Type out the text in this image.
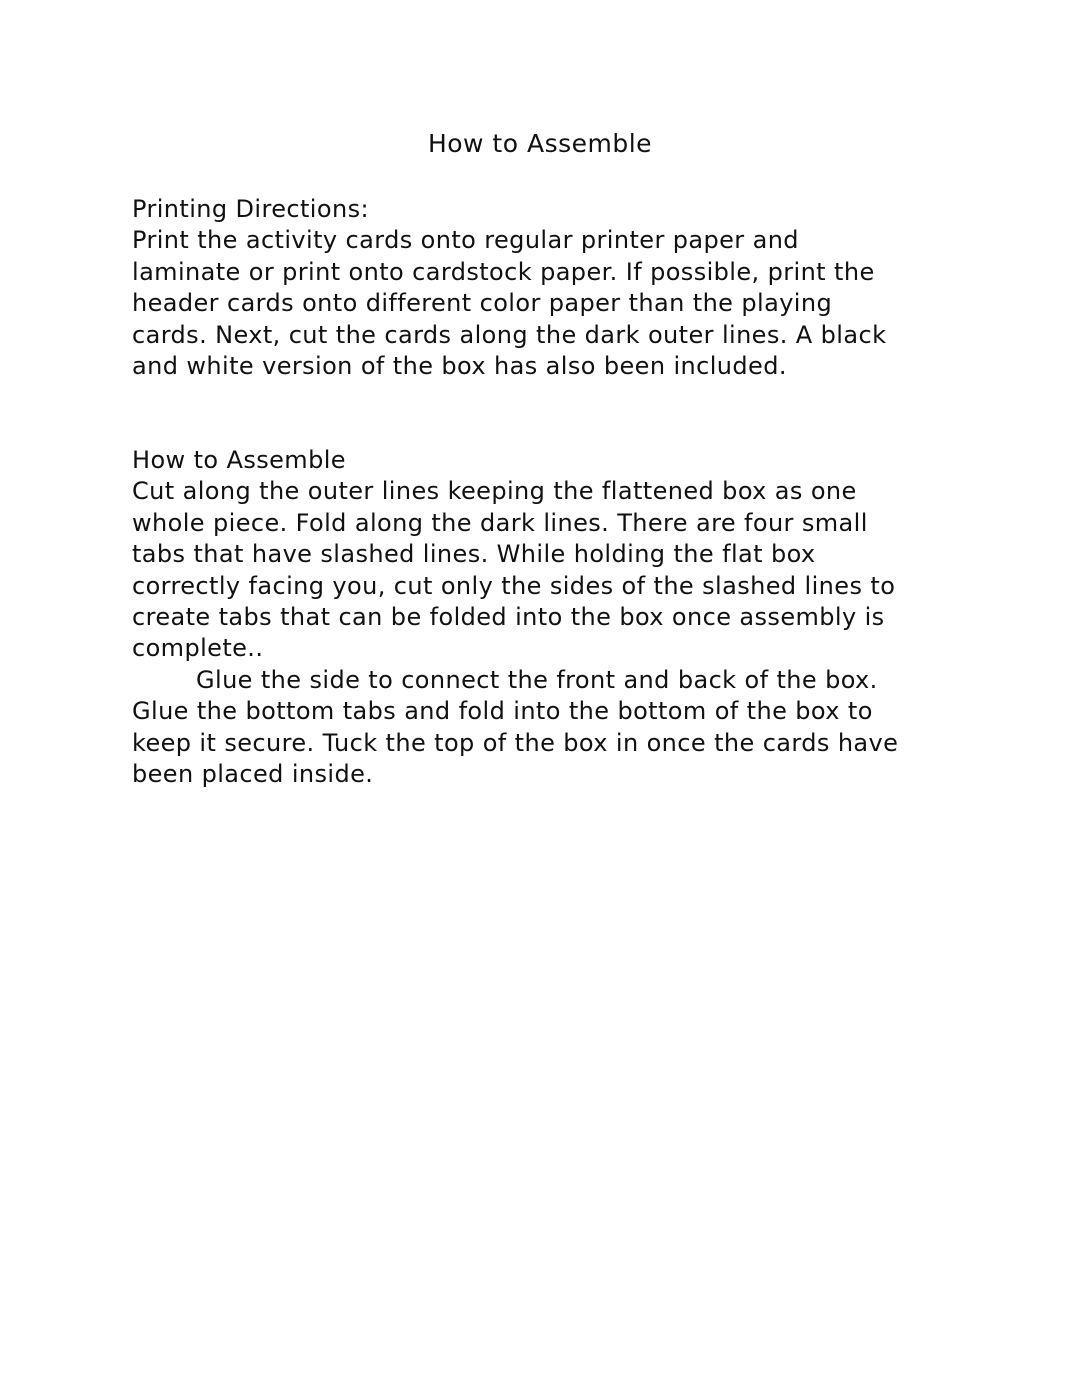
How to Assemble

Printing Directions:

Print the activity cards onto regular printer paper and

laminate or print onto cardstock paper. If possible, print the

header cards onto different color paper than the playing

cards. Next, cut the cards along the dark outer lines. A black

and white version of the box has also been included.

How to Assemble

Cut along the outer lines keeping the flattened box as one

whole piece. Fold along the dark lines. There are four small

tabs that have slashed lines. While holding the flat box

correctly facing you, cut only the sides of the slashed lines to

create tabs that can be folded into the box once assembly is

complete..

Glue the side to connect the front and back of the box.

Glue the bottom tabs and fold into the bottom of the box to

keep it secure. Tuck the top of the box in once the cards have

been placed inside.
